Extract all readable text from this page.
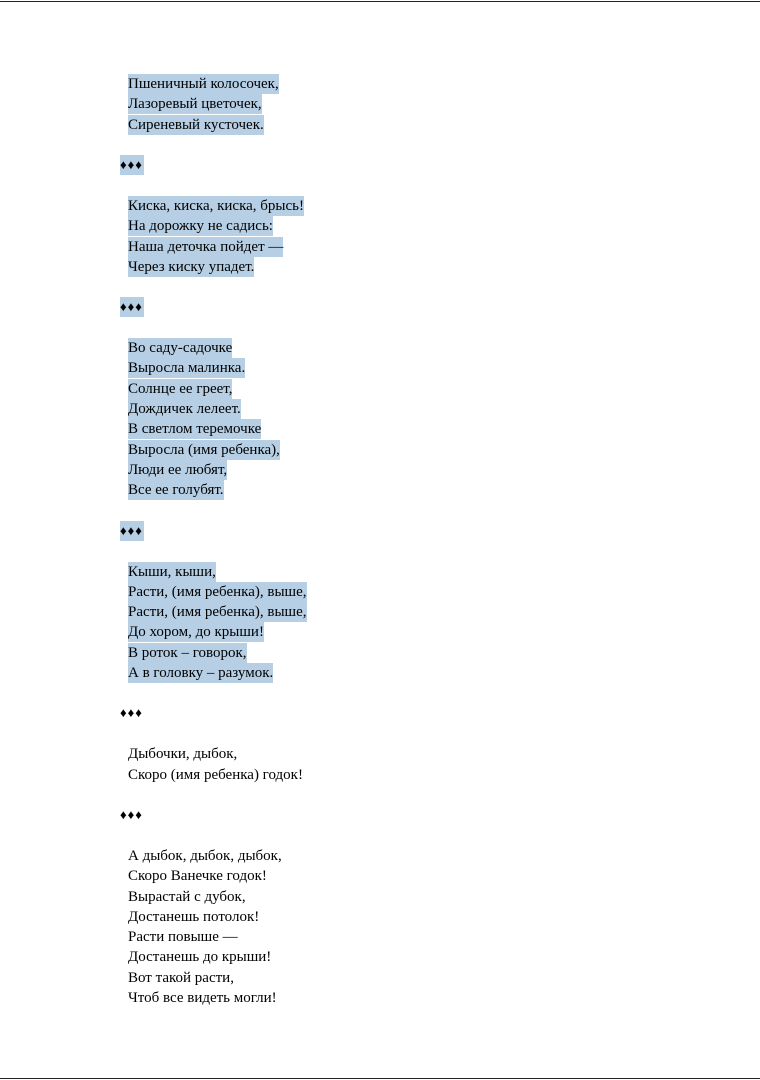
Пшеничный колосочек,
Лазоревый цветочек,
Сиреневый кусточек.
♦♦♦
Киска, киска, киска, брысь!
На дорожку не садись:
Наша деточка пойдет —
Через киску упадет.
♦♦♦
Во саду-садочке
Выросла малинка.
Солнце ее греет,
Дождичек лелеет.
В светлом теремочке
Выросла (имя ребенка),
Люди ее любят,
Все ее голубят.
♦♦♦
Кыши, кыши,
Расти, (имя ребенка), выше,
Расти, (имя ребенка), выше,
До хором, до крыши!
В роток – говорок,
А в головку – разумок.
♦♦♦
Дыбочки, дыбок,
Скоро (имя ребенка) годок!
♦♦♦
А дыбок, дыбок, дыбок,
Скоро Ванечке годок!
Вырастай с дубок,
Достанешь потолок!
Расти повыше —
Достанешь до крыши!
Вот такой расти,
Чтоб все видеть могли!
